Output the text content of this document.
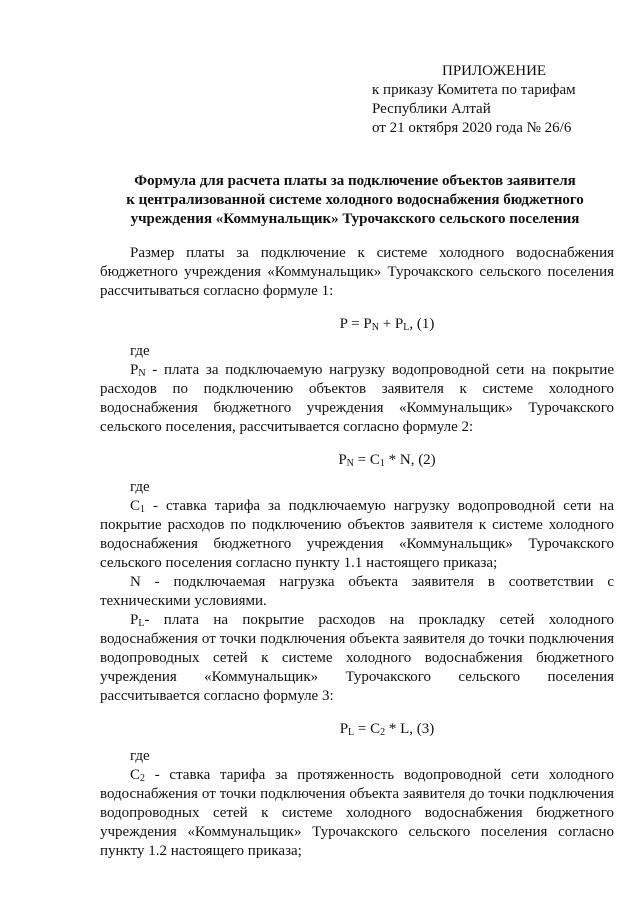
ПРИЛОЖЕНИЕ
к приказу Комитета по тарифам
Республики Алтай
от 21 октября 2020 года № 26/6
Формула для расчета платы за подключение объектов заявителя
к централизованной системе холодного водоснабжения бюджетного
учреждения «Коммунальщик» Турочакского сельского поселения

Размер платы за подключение к системе холодного водоснабжения бюджетного учреждения «Коммунальщик» Турочакского сельского поселения рассчитываться согласно формуле 1:

$P = P_N + P_L$, (1)

где

$P_N$ - плата за подключаемую нагрузку водопроводной сети на покрытие расходов по подключению объектов заявителя к системе холодного водоснабжения бюджетного учреждения «Коммунальщик» Турочакского сельского поселения, рассчитывается согласно формуле 2:

$P_N = C_1 * N$, (2)

где

$C_1$ - ставка тарифа за подключаемую нагрузку водопроводной сети на покрытие расходов по подключению объектов заявителя к системе холодного водоснабжения бюджетного учреждения «Коммунальщик» Турочакского сельского поселения согласно пункту 1.1 настоящего приказа;

N - подключаемая нагрузка объекта заявителя в соответствии с техническими условиями.

$P_L-$ плата на покрытие расходов на прокладку сетей холодного водоснабжения от точки подключения объекта заявителя до точки подключения водопроводных сетей к системе холодного водоснабжения бюджетного учреждения «Коммунальщик» Турочакского сельского поселения рассчитывается согласно формуле 3:

$P_L = C_2 * L$, (3)

где

$C_2$ - ставка тарифа за протяженность водопроводной сети холодного водоснабжения от точки подключения объекта заявителя до точки подключения водопроводных сетей к системе холодного водоснабжения бюджетного учреждения «Коммунальщик» Турочакского сельского поселения согласно пункту 1.2 настоящего приказа;
